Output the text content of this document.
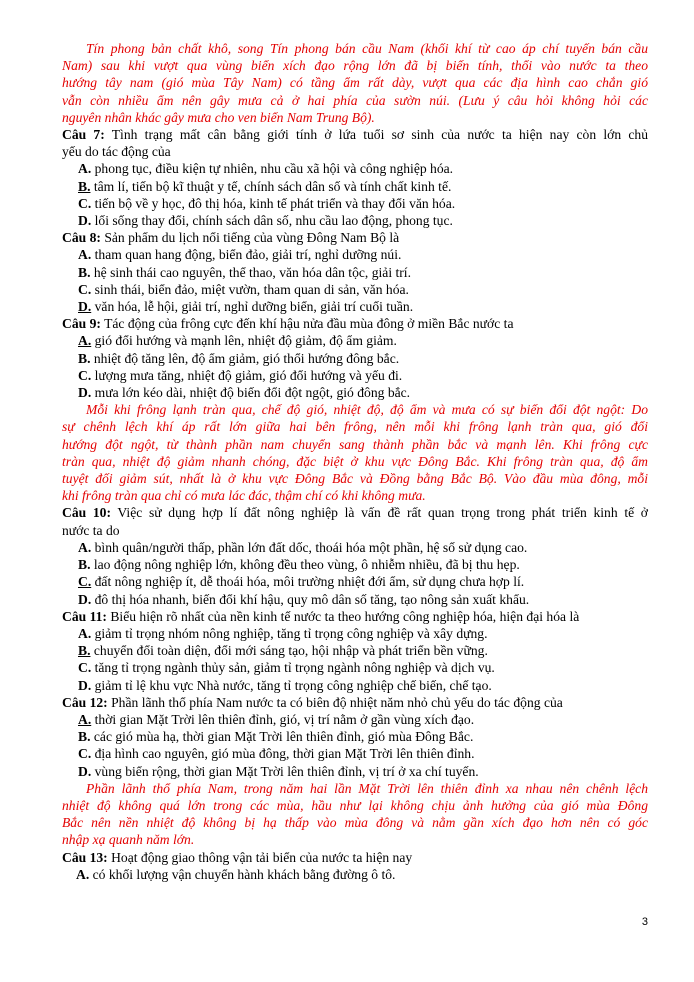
Tín phong bản chất khô, song Tín phong bán cầu Nam (khối khí từ cao áp chí tuyến bán cầu
Nam) sau khi vượt qua vùng biển xích đạo rộng lớn đã bị biến tính, thổi vào nước ta theo
hướng tây nam (gió mùa Tây Nam) có tầng ẩm rất dày, vượt qua các địa hình cao chắn gió
vẫn còn nhiều ẩm nên gây mưa cả ở hai phía của sườn núi. (Lưu ý câu hỏi không hỏi các
nguyên nhân khác gây mưa cho ven biển Nam Trung Bộ).
Câu 7: Tình trạng mất cân bằng giới tính ở lứa tuổi sơ sinh của nước ta hiện nay còn lớn chủ
yếu do tác động của
A. phong tục, điều kiện tự nhiên, nhu cầu xã hội và công nghiệp hóa.
B. tâm lí, tiến bộ kĩ thuật y tế, chính sách dân số và tính chất kinh tế.
C. tiến bộ về y học, đô thị hóa, kinh tế phát triển và thay đổi văn hóa.
D. lối sống thay đổi, chính sách dân số, nhu cầu lao động, phong tục.
Câu 8: Sản phẩm du lịch nổi tiếng của vùng Đông Nam Bộ là
A. tham quan hang động, biển đảo, giải trí, nghỉ dưỡng núi.
B. hệ sinh thái cao nguyên, thể thao, văn hóa dân tộc, giải trí.
C. sinh thái, biển đảo, miệt vườn, tham quan di sản, văn hóa.
D. văn hóa, lễ hội, giải trí, nghỉ dưỡng biển, giải trí cuối tuần.
Câu 9: Tác động của frông cực đến khí hậu nửa đầu mùa đông ở miền Bắc nước ta
A. gió đổi hướng và mạnh lên, nhiệt độ giảm, độ ẩm giảm.
B. nhiệt độ tăng lên, độ ẩm giảm, gió thổi hướng đông bắc.
C. lượng mưa tăng, nhiệt độ giảm, gió đổi hướng và yếu đi.
D. mưa lớn kéo dài, nhiệt độ biến đổi đột ngột, gió đông bắc.
Mỗi khi frông lạnh tràn qua, chế độ gió, nhiệt độ, độ ẩm và mưa có sự biến đổi đột ngột: Do
sự chênh lệch khí áp rất lớn giữa hai bên frông, nên mỗi khi frông lạnh tràn qua, gió đổi
hướng đột ngột, từ thành phần nam chuyển sang thành phần bắc và mạnh lên. Khi frông cực
tràn qua, nhiệt độ giảm nhanh chóng, đặc biệt ở khu vực Đông Bắc. Khi frông tràn qua, độ ẩm
tuyệt đối giảm sút, nhất là ở khu vực Đông Bắc và Đồng bằng Bắc Bộ. Vào đầu mùa đông, mỗi
khi frông tràn qua chỉ có mưa lác đác, thậm chí có khi không mưa.
Câu 10: Việc sử dụng hợp lí đất nông nghiệp là vấn đề rất quan trọng trong phát triển kinh tế ở
nước ta do
A. bình quân/người thấp, phần lớn đất dốc, thoái hóa một phần, hệ số sử dụng cao.
B. lao động nông nghiệp lớn, không đều theo vùng, ô nhiễm nhiều, đã bị thu hẹp.
C. đất nông nghiệp ít, dễ thoái hóa, môi trường nhiệt đới ẩm, sử dụng chưa hợp lí.
D. đô thị hóa nhanh, biến đổi khí hậu, quy mô dân số tăng, tạo nông sản xuất khẩu.
Câu 11: Biểu hiện rõ nhất của nền kinh tế nước ta theo hướng công nghiệp hóa, hiện đại hóa là
A. giảm tỉ trọng nhóm nông nghiệp, tăng tỉ trọng công nghiệp và xây dựng.
B. chuyển đổi toàn diện, đổi mới sáng tạo, hội nhập và phát triển bền vững.
C. tăng tỉ trọng ngành thủy sản, giảm tỉ trọng ngành nông nghiệp và dịch vụ.
D. giảm tỉ lệ khu vực Nhà nước, tăng tỉ trọng công nghiệp chế biến, chế tạo.
Câu 12: Phần lãnh thổ phía Nam nước ta có biên độ nhiệt năm nhỏ chủ yếu do tác động của
A. thời gian Mặt Trời lên thiên đỉnh, gió, vị trí nằm ở gần vùng xích đạo.
B. các gió mùa hạ, thời gian Mặt Trời lên thiên đỉnh, gió mùa Đông Bắc.
C. địa hình cao nguyên, gió mùa đông, thời gian Mặt Trời lên thiên đỉnh.
D. vùng biển rộng, thời gian Mặt Trời lên thiên đỉnh, vị trí ở xa chí tuyến.
Phần lãnh thổ phía Nam, trong năm hai lần Mặt Trời lên thiên đỉnh xa nhau nên chênh lệch
nhiệt độ không quá lớn trong các mùa, hầu như lại không chịu ảnh hưởng của gió mùa Đông
Bắc nên nền nhiệt độ không bị hạ thấp vào mùa đông và nằm gần xích đạo hơn nên có góc
nhập xạ quanh năm lớn.
Câu 13: Hoạt động giao thông vận tải biển của nước ta hiện nay
A. có khối lượng vận chuyển hành khách bằng đường ô tô.
3
